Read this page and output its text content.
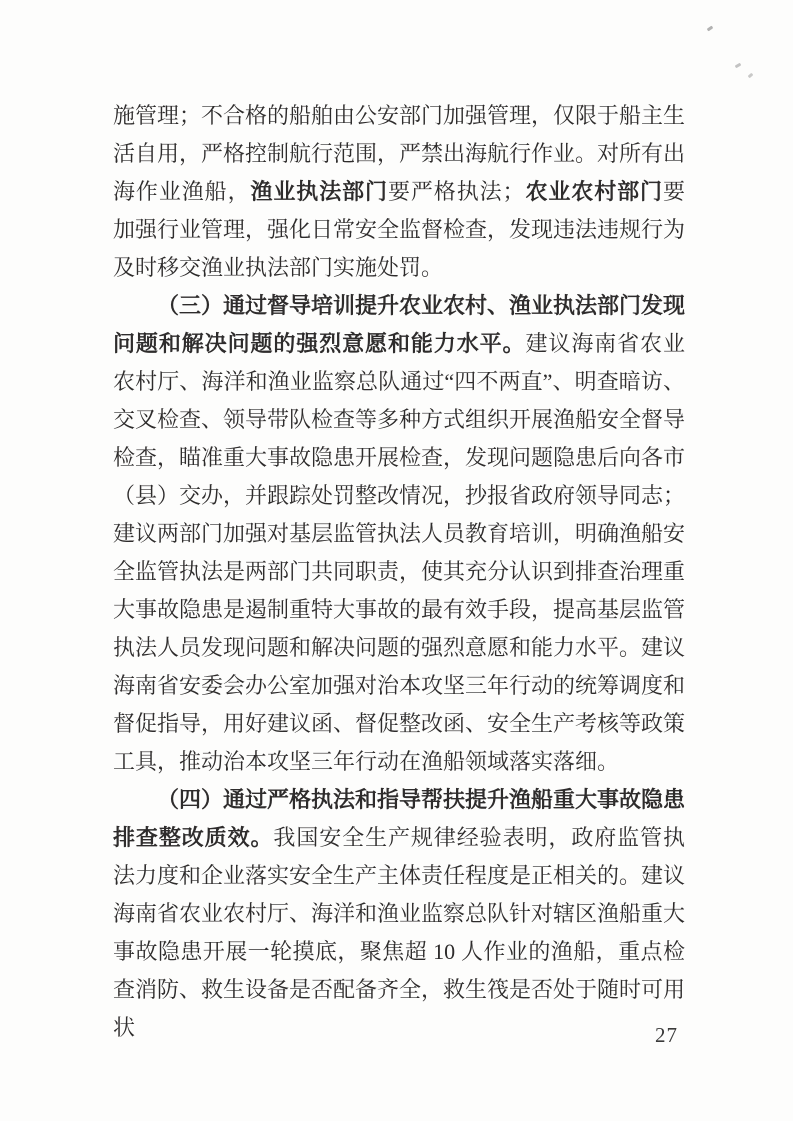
施管理；不合格的船舶由公安部门加强管理，仅限于船主生活自用，严格控制航行范围，严禁出海航行作业。对所有出海作业渔船，渔业执法部门要严格执法；农业农村部门要加强行业管理，强化日常安全监督检查，发现违法违规行为及时移交渔业执法部门实施处罚。

（三）通过督导培训提升农业农村、渔业执法部门发现问题和解决问题的强烈意愿和能力水平。建议海南省农业农村厅、海洋和渔业监察总队通过“四不两直”、明查暗访、交叉检查、领导带队检查等多种方式组织开展渔船安全督导检查，瞄准重大事故隐患开展检查，发现问题隐患后向各市（县）交办，并跟踪处罚整改情况，抄报省政府领导同志；建议两部门加强对基层监管执法人员教育培训，明确渔船安全监管执法是两部门共同职责，使其充分认识到排查治理重大事故隐患是遏制重特大事故的最有效手段，提高基层监管执法人员发现问题和解决问题的强烈意愿和能力水平。建议海南省安委会办公室加强对治本攻坚三年行动的统筹调度和督促指导，用好建议函、督促整改函、安全生产考核等政策工具，推动治本攻坚三年行动在渔船领域落实落细。

（四）通过严格执法和指导帮扶提升渔船重大事故隐患排查整改质效。我国安全生产规律经验表明，政府监管执法力度和企业落实安全生产主体责任程度是正相关的。建议海南省农业农村厅、海洋和渔业监察总队针对辖区渔船重大事故隐患开展一轮摸底，聚焦超 10 人作业的渔船，重点检查消防、救生设备是否配备齐全，救生筏是否处于随时可用状	27
